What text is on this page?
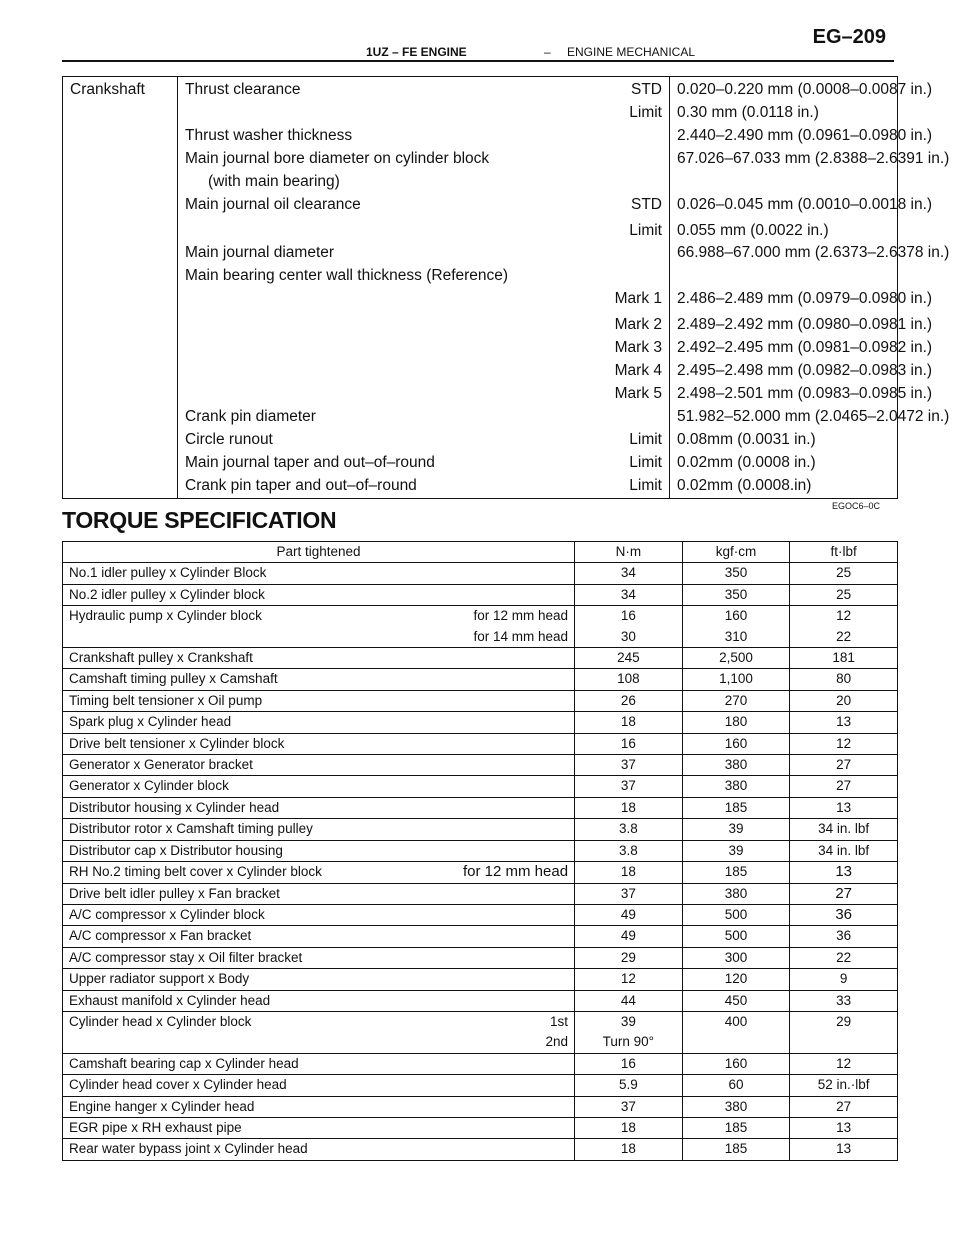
1UZ – FE ENGINE	– ENGINE MECHANICAL
EG–209
Crankshaft	Thrust clearance	STD	0.020–0.220 mm (0.0008–0.0087 in.)
		Limit	0.30 mm (0.0118 in.)
	Thrust washer thickness		2.440–2.490 mm (0.0961–0.0980 in.)
	Main journal bore diameter on cylinder block		67.026–67.033 mm (2.8388–2.6391 in.)
	(with main bearing)		
	Main journal oil clearance	STD	0.026–0.045 mm (0.0010–0.0018 in.)
		Limit	0.055 mm (0.0022 in.)
	Main journal diameter		66.988–67.000 mm (2.6373–2.6378 in.)
	Main bearing center wall thickness (Reference)		
		Mark 1	2.486–2.489 mm (0.0979–0.0980 in.)
		Mark 2	2.489–2.492 mm (0.0980–0.0981 in.)
		Mark 3	2.492–2.495 mm (0.0981–0.0982 in.)
		Mark 4	2.495–2.498 mm (0.0982–0.0983 in.)
		Mark 5	2.498–2.501 mm (0.0983–0.0985 in.)
	Crank pin diameter		51.982–52.000 mm (2.0465–2.0472 in.)
	Circle runout	Limit	0.08mm (0.0031 in.)
	Main journal taper and out–of–round	Limit	0.02mm (0.0008 in.)
	Crank pin taper and out–of–round	Limit	0.02mm (0.0008.in)
EGOC6–0C
TORQUE SPECIFICATION
Part tightened	N·m	kgf·cm	ft·lbf
No.1 idler pulley x Cylinder Block	34	350	25
No.2 idler pulley x Cylinder block	34	350	25
Hydraulic pump x Cylinder block for 12 mm head	16	160	12

for 14 mm head	30	310	22
Crankshaft pulley x Crankshaft	245	2,500	181
Camshaft timing pulley x Camshaft	108	1,100	80
Timing belt tensioner x Oil pump	26	270	20
Spark plug x Cylinder head	18	180	13
Drive belt tensioner x Cylinder block	16	160	12
Generator x Generator bracket	37	380	27
Generator x Cylinder block	37	380	27
Distributor housing x Cylinder head	18	185	13
Distributor rotor x Camshaft timing pulley	3.8	39	34 in. lbf
Distributor cap x Distributor housing	3.8	39	34 in. lbf
RH No.2 timing belt cover x Cylinder block for 12 mm head	18	185	13
Drive belt idler pulley x Fan bracket	37	380	27
A/C compressor x Cylinder block	49	500	36
A/C compressor x Fan bracket	49	500	36
A/C compressor stay x Oil filter bracket	29	300	22
Upper radiator support x Body	12	120	9
Exhaust manifold x Cylinder head	44	450	33
Cylinder head x Cylinder block 1st	39	400	29

2nd	Turn 90°		
Camshaft bearing cap x Cylinder head	16	160	12
Cylinder head cover x Cylinder head	5.9	60	52 in.·lbf
Engine hanger x Cylinder head	37	380	27
EGR pipe x RH exhaust pipe	18	185	13
Rear water bypass joint x Cylinder head	18	185	13
